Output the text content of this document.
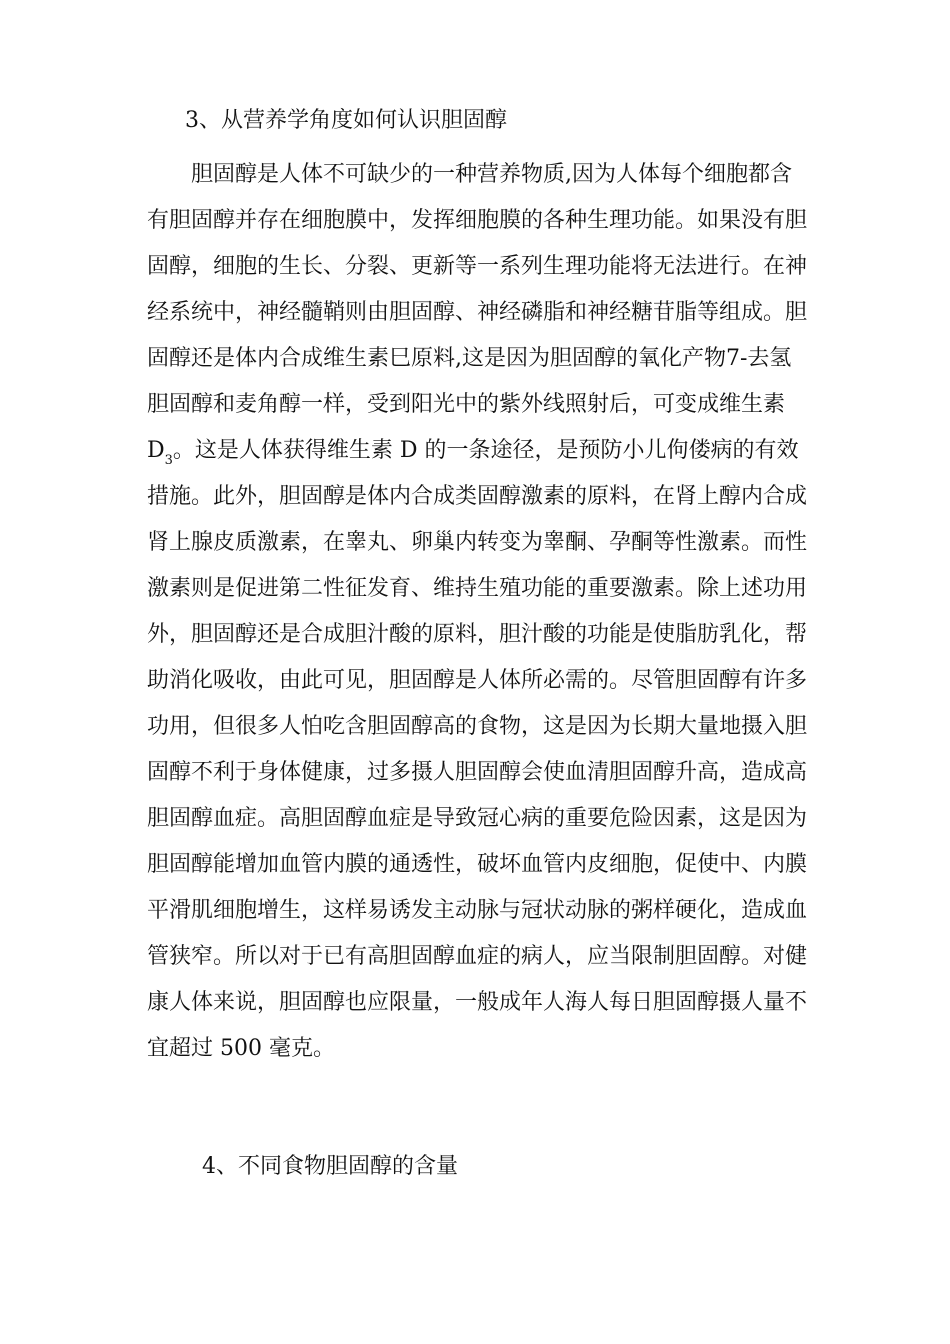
3、从营养学角度如何认识胆固醇
胆固醇是人体不可缺少的一种营养物质,因为人体每个细胞都含
有胆固醇并存在细胞膜中，发挥细胞膜的各种生理功能。如果没有胆
固醇，细胞的生长、分裂、更新等一系列生理功能将无法进行。在神
经系统中，神经髓鞘则由胆固醇、神经磷脂和神经糖苷脂等组成。胆
固醇还是体内合成维生素巳原料,这是因为胆固醇的氧化产物7-去氢
胆固醇和麦角醇一样，受到阳光中的紫外线照射后，可变成维生素
$D_3$。这是人体获得维生素 D 的一条途径，是预防小儿佝偻病的有效
措施。此外，胆固醇是体内合成类固醇激素的原料，在肾上醇内合成
肾上腺皮质激素，在睾丸、卵巢内转变为睾酮、孕酮等性激素。而性
激素则是促进第二性征发育、维持生殖功能的重要激素。除上述功用
外，胆固醇还是合成胆汁酸的原料，胆汁酸的功能是使脂肪乳化，帮
助消化吸收，由此可见，胆固醇是人体所必需的。尽管胆固醇有许多
功用，但很多人怕吃含胆固醇高的食物，这是因为长期大量地摄入胆
固醇不利于身体健康，过多摄人胆固醇会使血清胆固醇升高，造成高
胆固醇血症。高胆固醇血症是导致冠心病的重要危险因素，这是因为
胆固醇能增加血管内膜的通透性，破坏血管内皮细胞，促使中、内膜
平滑肌细胞增生，这样易诱发主动脉与冠状动脉的粥样硬化，造成血
管狭窄。所以对于已有高胆固醇血症的病人，应当限制胆固醇。对健
康人体来说，胆固醇也应限量，一般成年人海人每日胆固醇摄人量不
宜超过 500 毫克。
4、不同食物胆固醇的含量
